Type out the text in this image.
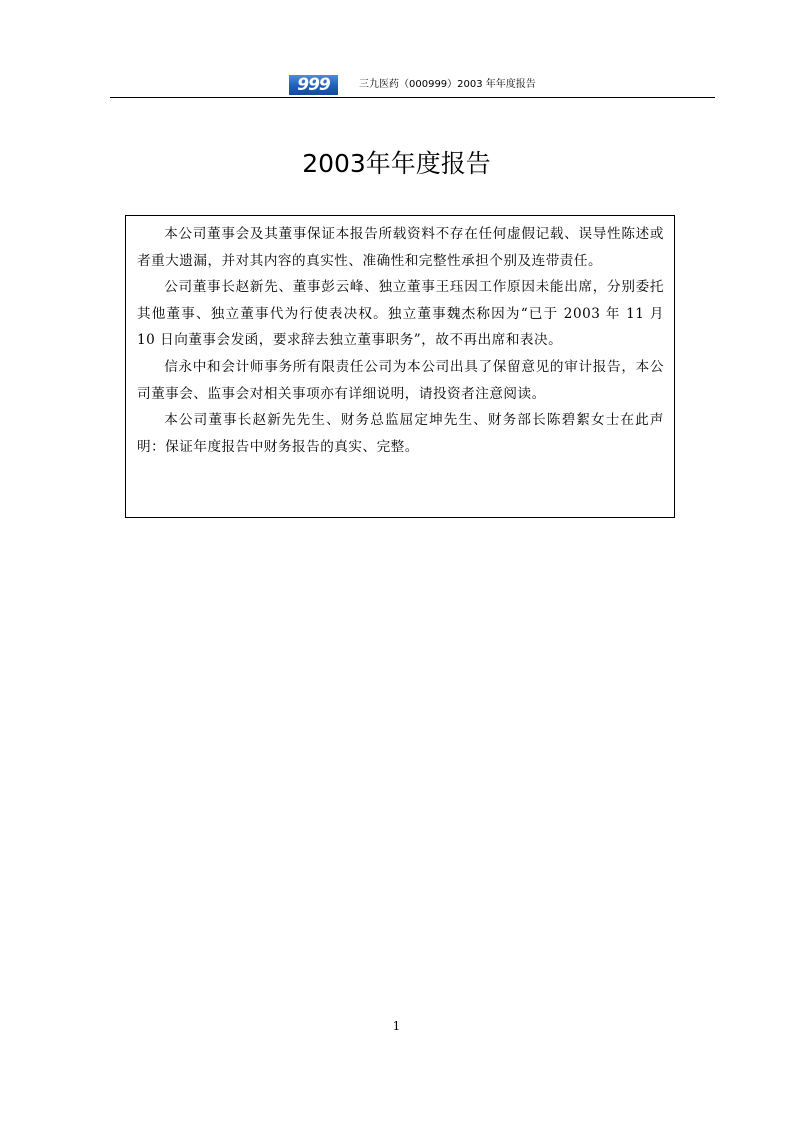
999	三九医药（000999）2003 年年度报告
2003年年度报告

本公司董事会及其董事保证本报告所载资料不存在任何虚假记载、误导性陈述或者重大遗漏，并对其内容的真实性、准确性和完整性承担个别及连带责任。

公司董事长赵新先、董事彭云峰、独立董事王珏因工作原因未能出席，分别委托其他董事、独立董事代为行使表决权。独立董事魏杰称因为“已于 2003 年 11 月 10 日向董事会发函，要求辞去独立董事职务”，故不再出席和表决。

信永中和会计师事务所有限责任公司为本公司出具了保留意见的审计报告，本公司董事会、监事会对相关事项亦有详细说明，请投资者注意阅读。

本公司董事长赵新先先生、财务总监屈定坤先生、财务部长陈碧絮女士在此声明：保证年度报告中财务报告的真实、完整。

1
